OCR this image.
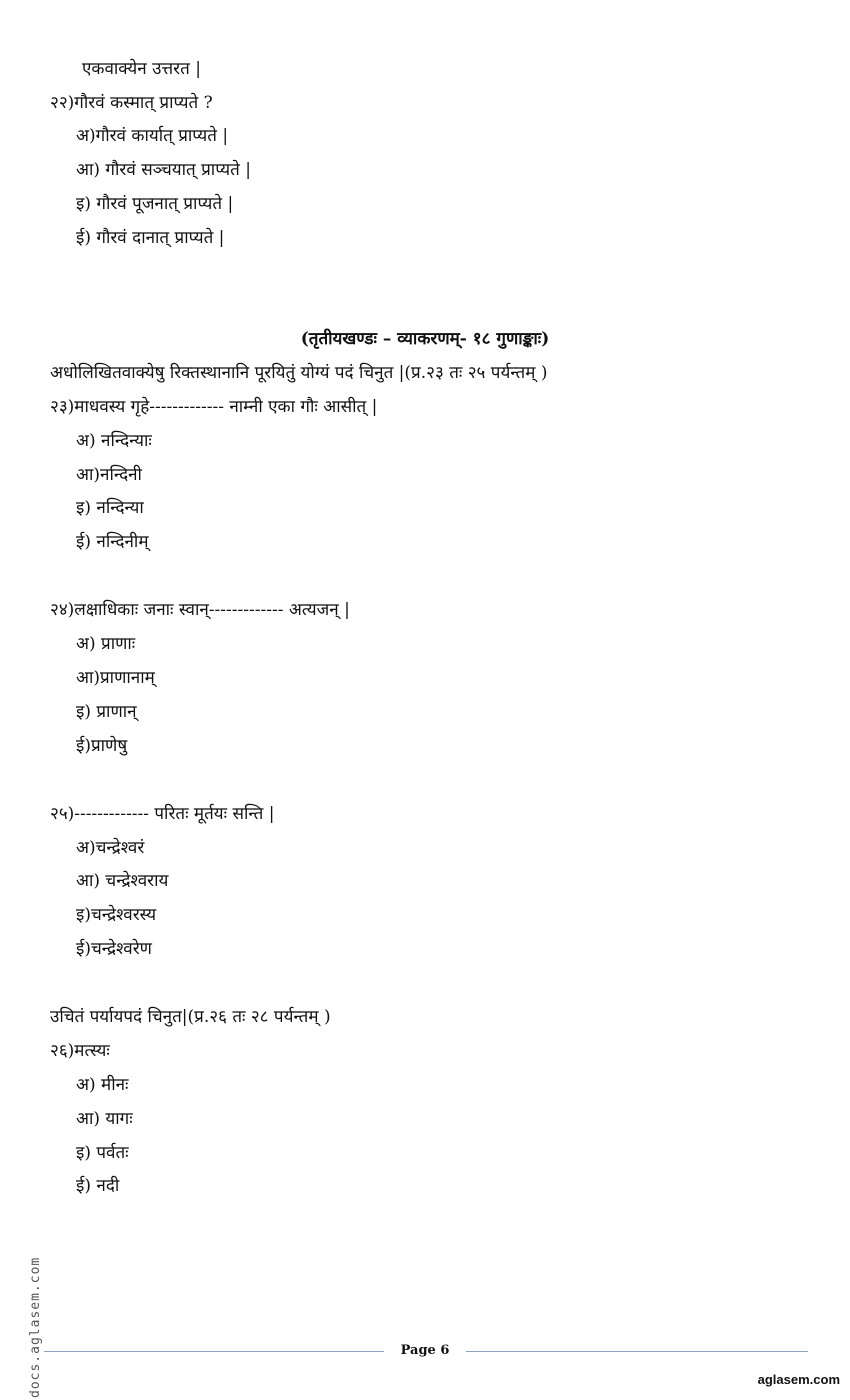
एकवाक्येन उत्तरत |
२२)गौरवं कस्मात् प्राप्यते ?
अ)गौरवं कार्यात् प्राप्यते |
आ) गौरवं सञ्चयात् प्राप्यते |
इ) गौरवं पूजनात् प्राप्यते |
ई) गौरवं दानात् प्राप्यते |
(तृतीयखण्डः – व्याकरणम्- १८ गुणाङ्काः)
अधोलिखितवाक्येषु रिक्तस्थानानि पूरयितुं योग्यं पदं चिनुत |(प्र.२३ तः २५ पर्यन्तम् )
२३)माधवस्य गृहे------------- नाम्नी एका गौः आसीत् |
अ) नन्दिन्याः
आ)नन्दिनी
इ) नन्दिन्या
ई) नन्दिनीम्
२४)लक्षाधिकाः जनाः स्वान्------------- अत्यजन् |
अ) प्राणाः
आ)प्राणानाम्
इ) प्राणान्
ई)प्राणेषु
२५)------------- परितः मूर्तयः सन्ति |
अ)चन्द्रेश्वरं
आ) चन्द्रेश्वराय
इ)चन्द्रेश्वरस्य
ई)चन्द्रेश्वरेण
उचितं पर्यायपदं चिनुत|(प्र.२६ तः २८ पर्यन्तम् )
२६)मत्स्यः
अ) मीनः
आ) यागः
इ) पर्वतः
ई) नदी
docs.aglasem.com	Page 6
aglasem.com
